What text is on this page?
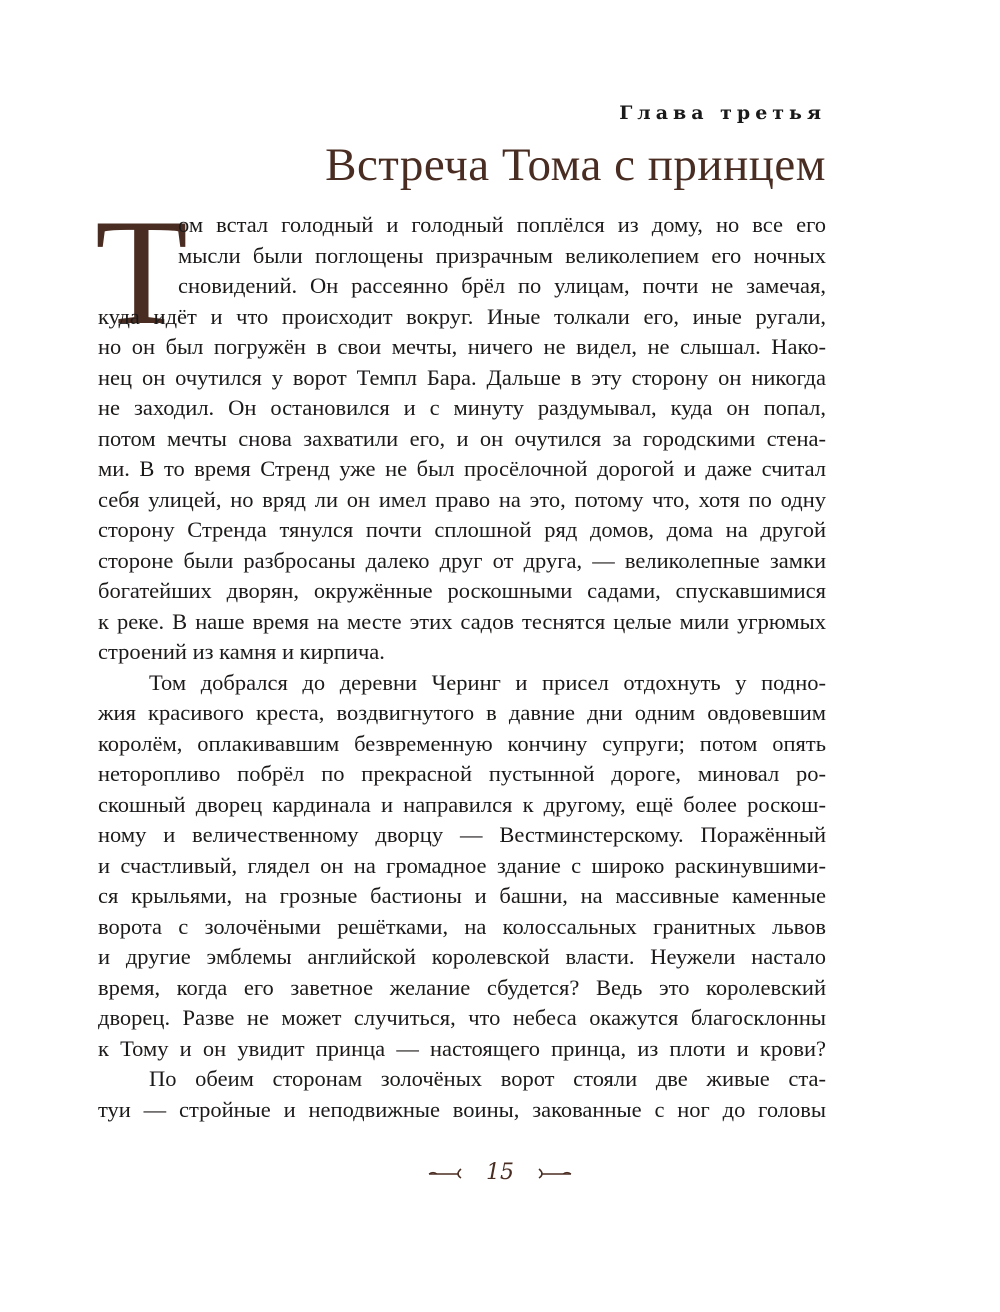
Глава третья
Встреча Тома с принцем
Т
ом встал голодный и голодный поплёлся из дому, но все его
мысли были поглощены призрачным великолепием его ночных
сновидений. Он рассеянно брёл по улицам, почти не замечая,
куда идёт и что происходит вокруг. Иные толкали его, иные ругали,
но он был погружён в свои мечты, ничего не видел, не слышал. Нако-
нец он очутился у ворот Темпл Бара. Дальше в эту сторону он никогда
не заходил. Он остановился и с минуту раздумывал, куда он попал,
потом мечты снова захватили его, и он очутился за городскими стена-
ми. В то время Стренд уже не был просёлочной дорогой и даже считал
себя улицей, но вряд ли он имел право на это, потому что, хотя по одну
сторону Стренда тянулся почти сплошной ряд домов, дома на другой
стороне были разбросаны далеко друг от друга, — великолепные замки
богатейших дворян, окружённые роскошными садами, спускавшимися
к реке. В наше время на месте этих садов теснятся целые мили угрюмых
строений из камня и кирпича.
Том добрался до деревни Черинг и присел отдохнуть у подно-
жия красивого креста, воздвигнутого в давние дни одним овдовевшим
королём, оплакивавшим безвременную кончину супруги; потом опять
неторопливо побрёл по прекрасной пустынной дороге, миновал ро-
скошный дворец кардинала и направился к другому, ещё более роскош-
ному и величественному дворцу — Вестминстерскому. Поражённый
и счастливый, глядел он на громадное здание с широко раскинувшими-
ся крыльями, на грозные бастионы и башни, на массивные каменные
ворота с золочёными решётками, на колоссальных гранитных львов
и другие эмблемы английской королевской власти. Неужели настало
время, когда его заветное желание сбудется? Ведь это королевский
дворец. Разве не может случиться, что небеса окажутся благосклонны
к Тому и он увидит принца — настоящего принца, из плоти и крови?
По обеим сторонам золочёных ворот стояли две живые ста-
туи — стройные и неподвижные воины, закованные с ног до головы
15
